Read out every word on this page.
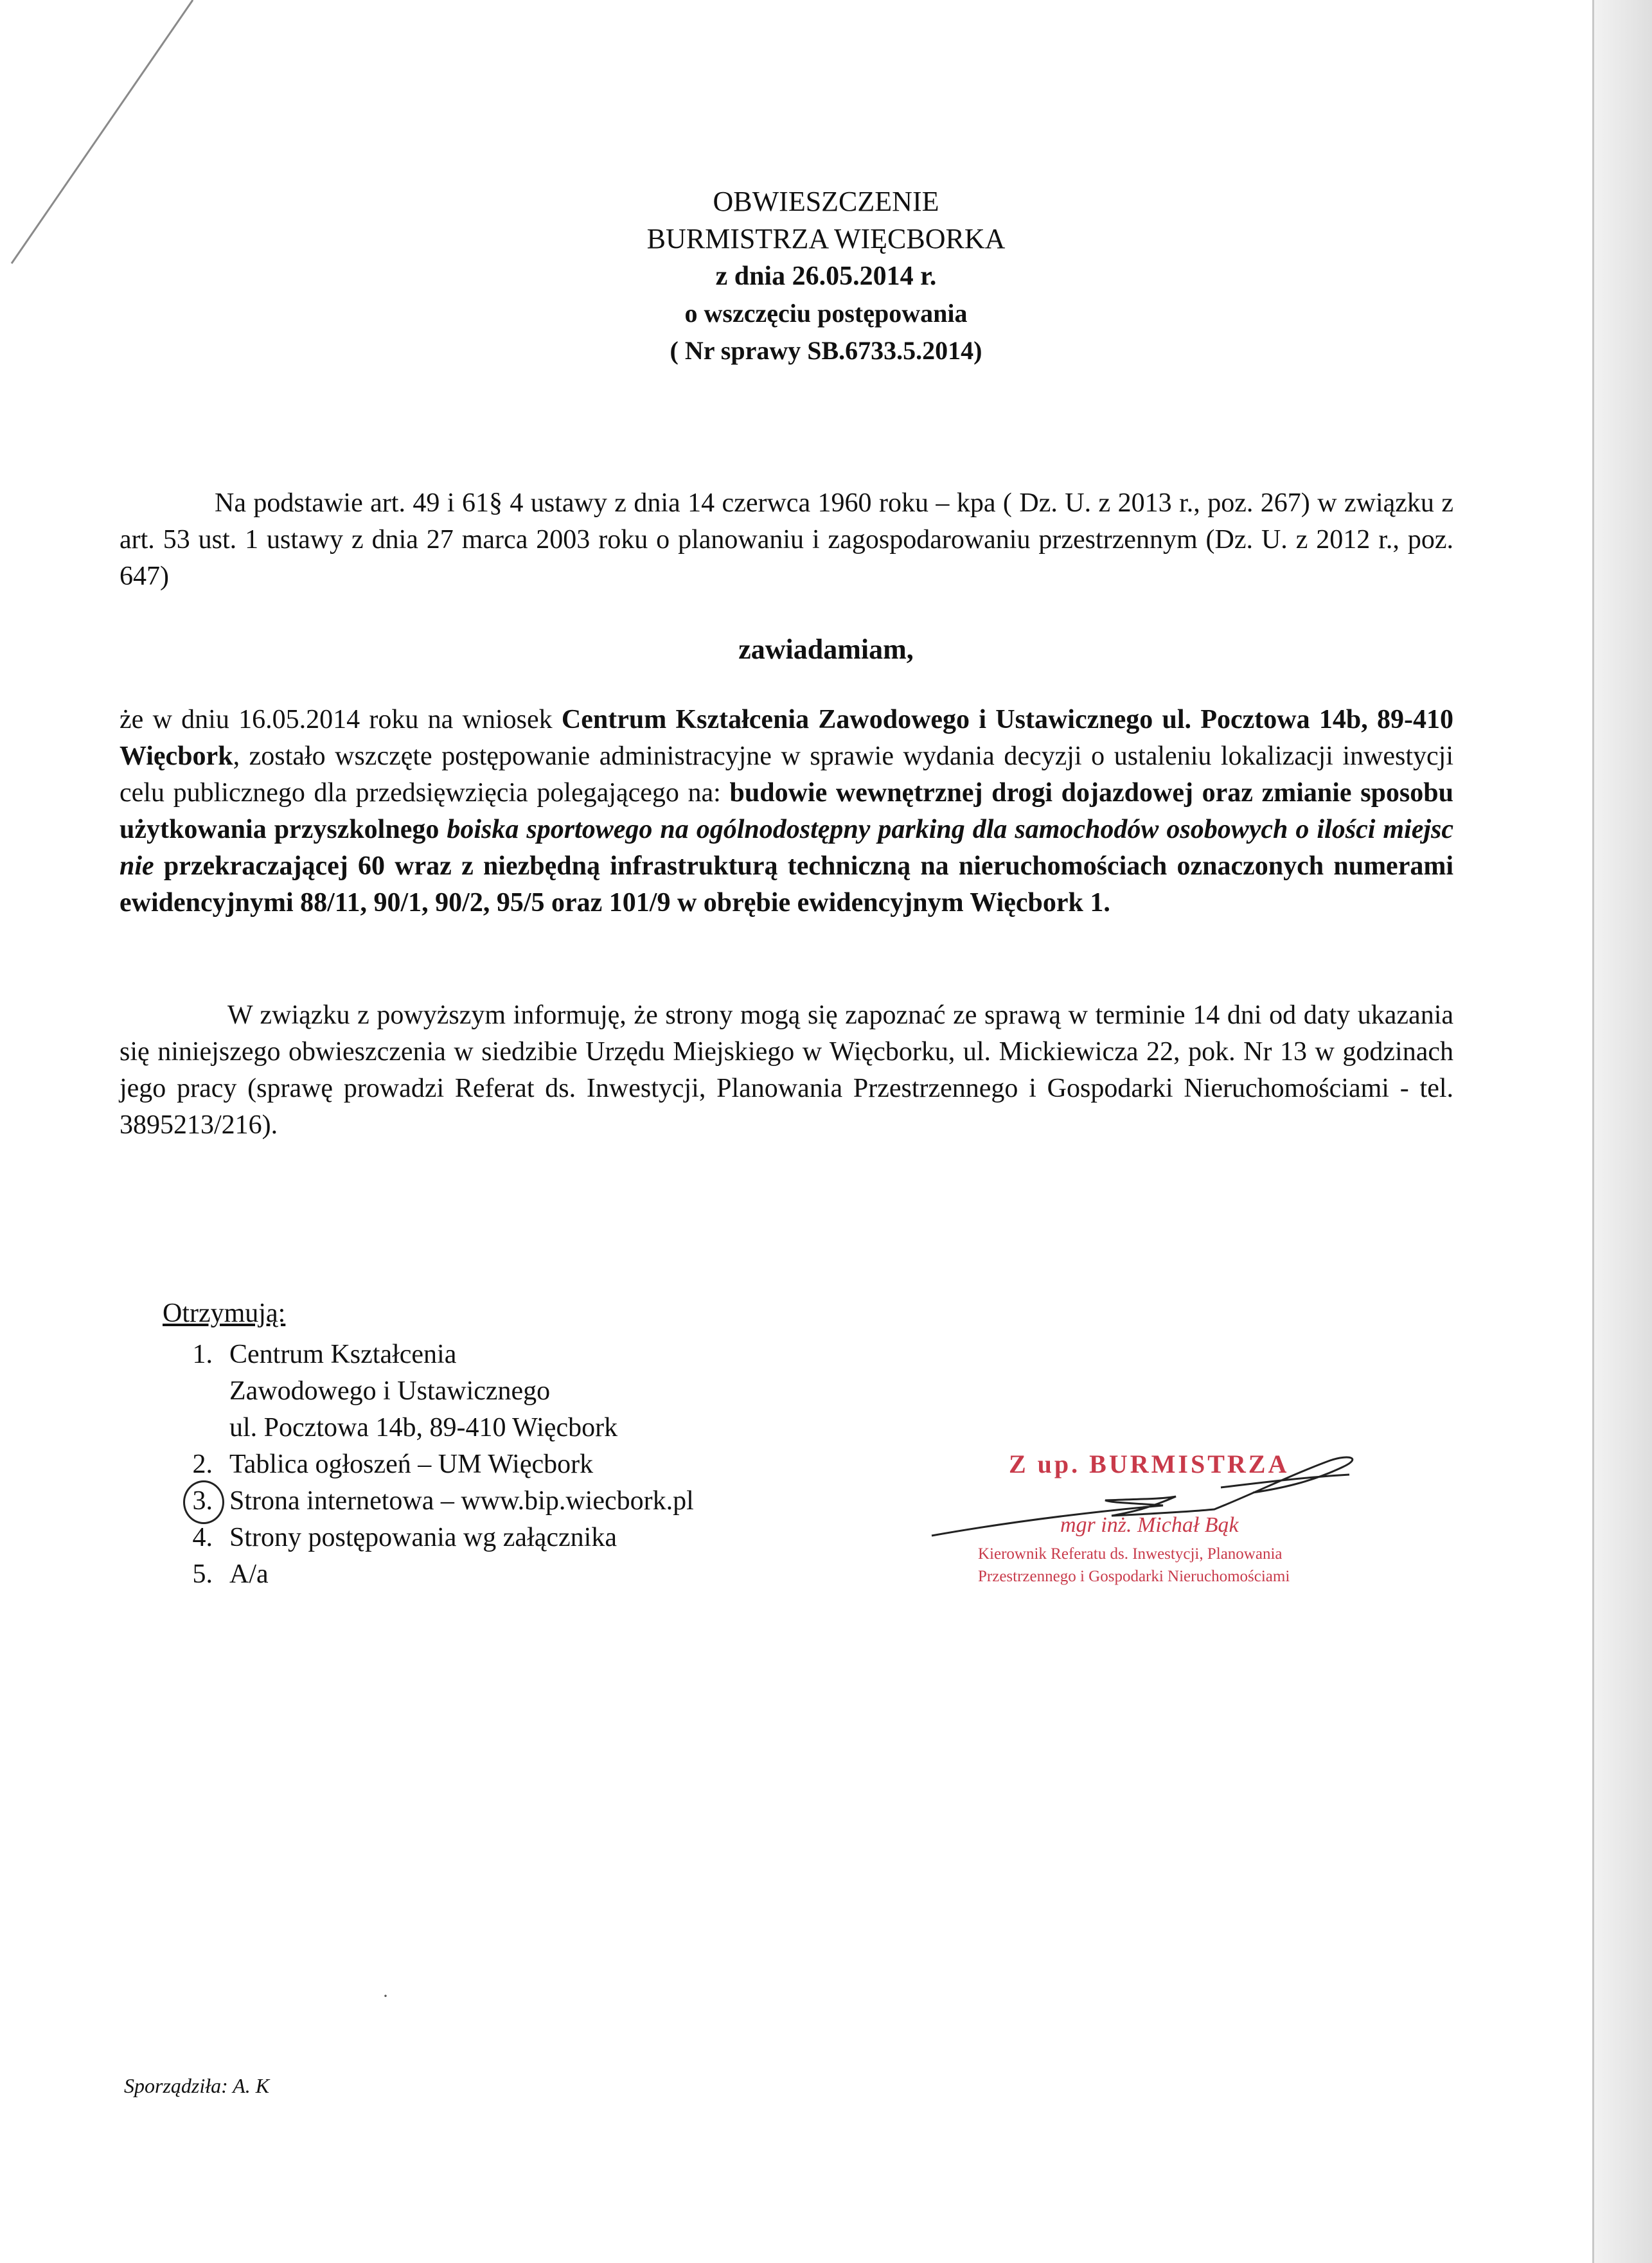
OBWIESZCZENIE
BURMISTRZA WIĘCBORKA
z dnia 26.05.2014 r.
o wszczęciu postępowania
( Nr sprawy SB.6733.5.2014)
Na podstawie art. 49 i 61§ 4 ustawy z dnia 14 czerwca 1960 roku – kpa ( Dz. U. z 2013 r., poz. 267) w związku z art. 53 ust. 1 ustawy z dnia 27 marca 2003 roku o planowaniu i zagospodarowaniu przestrzennym (Dz. U. z 2012 r., poz. 647)
zawiadamiam,
że w dniu 16.05.2014 roku na wniosek Centrum Kształcenia Zawodowego i Ustawicznego ul. Pocztowa 14b, 89-410 Więcbork, zostało wszczęte postępowanie administracyjne w sprawie wydania decyzji o ustaleniu lokalizacji inwestycji celu publicznego dla przedsięwzięcia polegającego na: budowie wewnętrznej drogi dojazdowej oraz zmianie sposobu użytkowania przyszkolnego boiska sportowego na ogólnodostępny parking dla samochodów osobowych o ilości miejsc nie przekraczającej 60 wraz z niezbędną infrastrukturą techniczną na nieruchomościach oznaczonych numerami ewidencyjnymi 88/11, 90/1, 90/2, 95/5 oraz 101/9 w obrębie ewidencyjnym Więcbork 1.
W związku z powyższym informuję, że strony mogą się zapoznać ze sprawą w terminie 14 dni od daty ukazania się niniejszego obwieszczenia w siedzibie Urzędu Miejskiego w Więcborku, ul. Mickiewicza 22, pok. Nr 13 w godzinach jego pracy (sprawę prowadzi Referat ds. Inwestycji, Planowania Przestrzennego i Gospodarki Nieruchomościami - tel. 3895213/216).
Otrzymują:
1. Centrum Kształcenia
Zawodowego i Ustawicznego
ul. Pocztowa 14b, 89-410 Więcbork
2. Tablica ogłoszeń – UM Więcbork
3. Strona internetowa – www.bip.wiecbork.pl
4. Strony postępowania wg załącznika
5. A/a
Z up. BURMISTRZA
mgr inż. Michał Bąk
Kierownik Referatu ds. Inwestycji, Planowania
Przestrzennego i Gospodarki Nieruchomościami
Sporządziła: A. K
·
